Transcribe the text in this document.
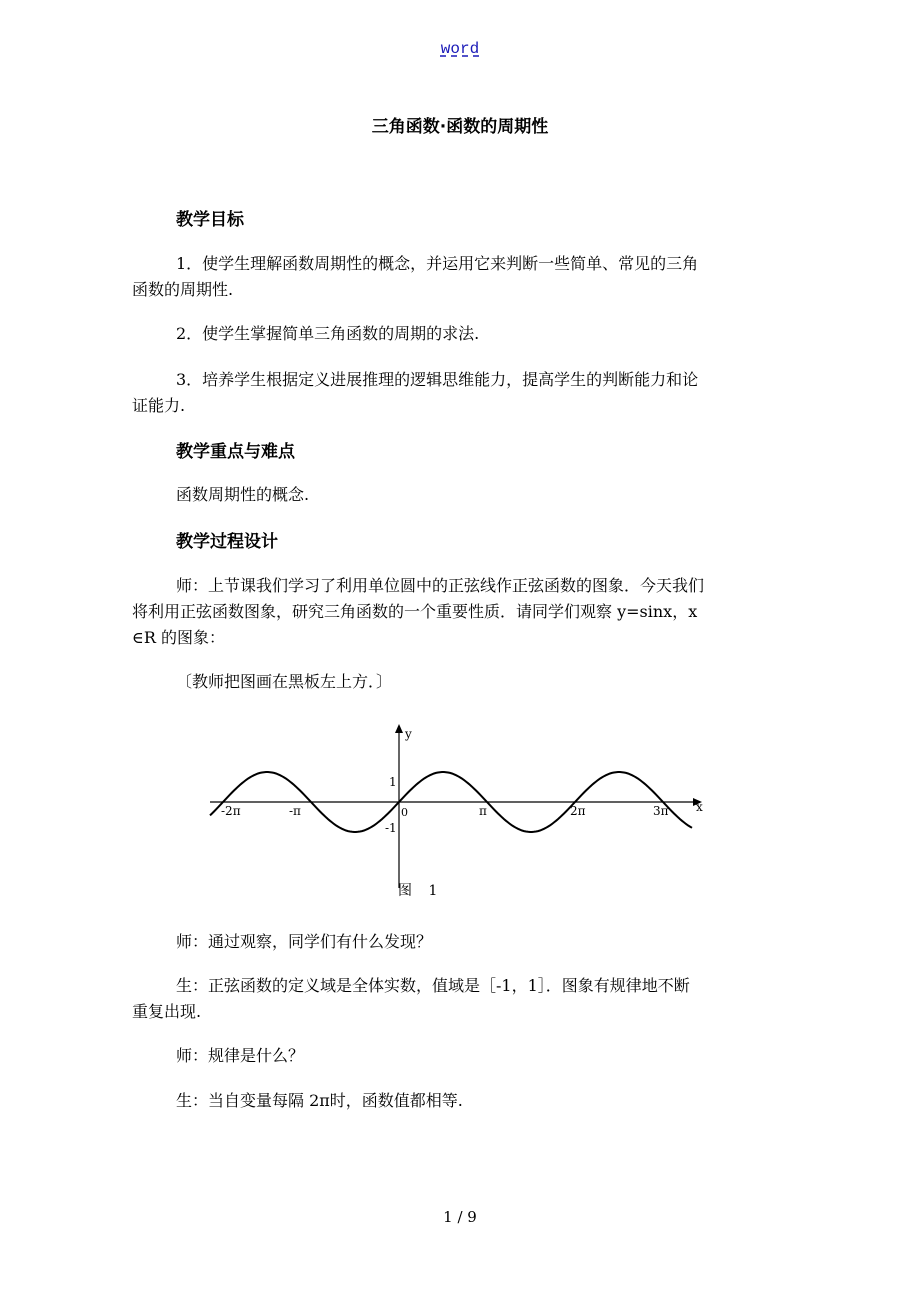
word
三角函数·函数的周期性
教学目标
1．使学生理解函数周期性的概念，并运用它来判断一些简单、常见的三角
函数的周期性.
2．使学生掌握简单三角函数的周期的求法.
3．培养学生根据定义进展推理的逻辑思维能力，提高学生的判断能力和论
证能力.
教学重点与难点
函数周期性的概念.
教学过程设计
师：上节课我们学习了利用单位圆中的正弦线作正弦函数的图象．今天我们
将利用正弦函数图象，研究三角函数的一个重要性质．请同学们观察 y=sinx，x
∈R 的图象：
〔教师把图画在黑板左上方．〕
y
x
1
-1
0
-2π	-π	π	2π	3π
图 1
师：通过观察，同学们有什么发现？
生：正弦函数的定义域是全体实数，值域是［-1，1］．图象有规律地不断
重复出现.
师：规律是什么？
生：当自变量每隔 2π时，函数值都相等.
1 / 9
